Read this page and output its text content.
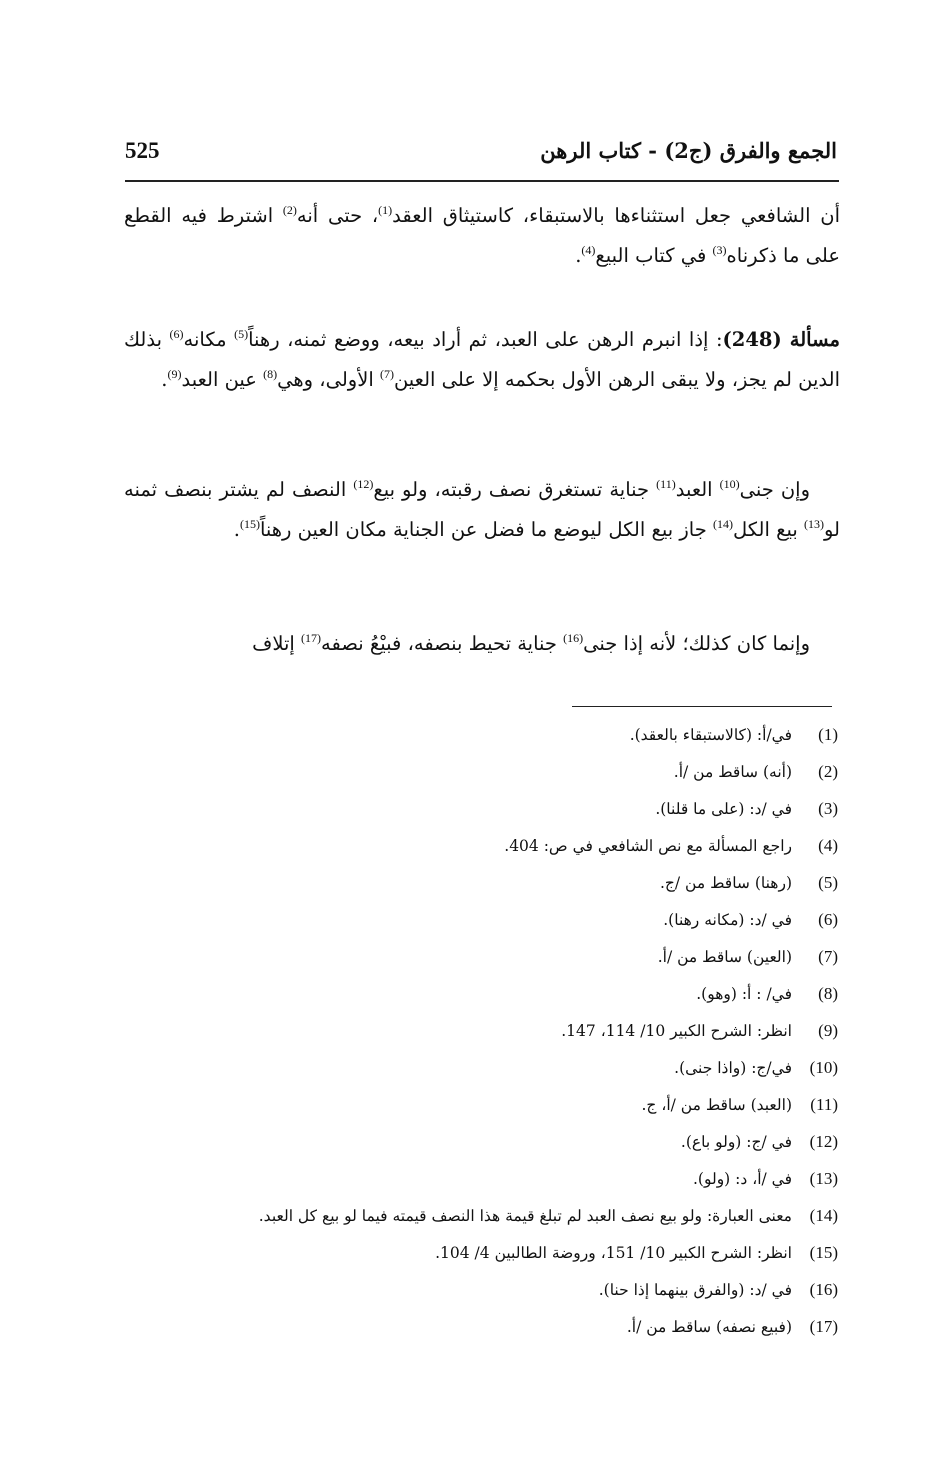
الجمع والفرق (ج2) - كتاب الرهن
525
أن الشافعي جعل استثناءها بالاستبقاء، كاستيثاق العقد$^{(1)}$، حتى أنه$^{(2)}$ اشترط فيه القطع على ما ذكرناه$^{(3)}$ في كتاب البيع$^{(4)}$.
مسألة (248): إذا انبرم الرهن على العبد، ثم أراد بيعه، ووضع ثمنه، رهناً$^{(5)}$ مكانه$^{(6)}$ بذلك الدين لم يجز، ولا يبقى الرهن الأول بحكمه إلا على العين$^{(7)}$ الأولى، وهي$^{(8)}$ عين العبد$^{(9)}$.
وإن جنى$^{(10)}$ العبد$^{(11)}$ جناية تستغرق نصف رقبته، ولو بيع$^{(12)}$ النصف لم يشتر بنصف ثمنه لو$^{(13)}$ بيع الكل$^{(14)}$ جاز بيع الكل ليوضع ما فضل عن الجناية مكان العين رهناً$^{(15)}$.
وإنما كان كذلك؛ لأنه إذا جنى$^{(16)}$ جناية تحيط بنصفه، فبيْعُ نصفه$^{(17)}$ إتلاف
(1)في/أ: (كالاستبقاء بالعقد).
(2)(أنه) ساقط من /أ.
(3)في /د: (على ما قلنا).
(4)راجع المسألة مع نص الشافعي في ص: 404.
(5)(رهنا) ساقط من /ج.
(6)في /د: (مكانه رهنا).
(7)(العين) ساقط من /أ.
(8)في/ : أ: (وهو).
(9)انظر: الشرح الكبير 10/ 114، 147.
(10)في/ج: (واذا جنى).
(11)(العبد) ساقط من /أ، ج.
(12)في /ج: (ولو باع).
(13)في /أ، د: (ولو).
(14)معنى العبارة: ولو بيع نصف العبد لم تبلغ قيمة هذا النصف قيمته فيما لو بيع كل العبد.
(15)انظر: الشرح الكبير 10/ 151، وروضة الطالبين 4/ 104.
(16)في /د: (والفرق بينهما إذا حنا).
(17)(فبيع نصفه) ساقط من /أ.
